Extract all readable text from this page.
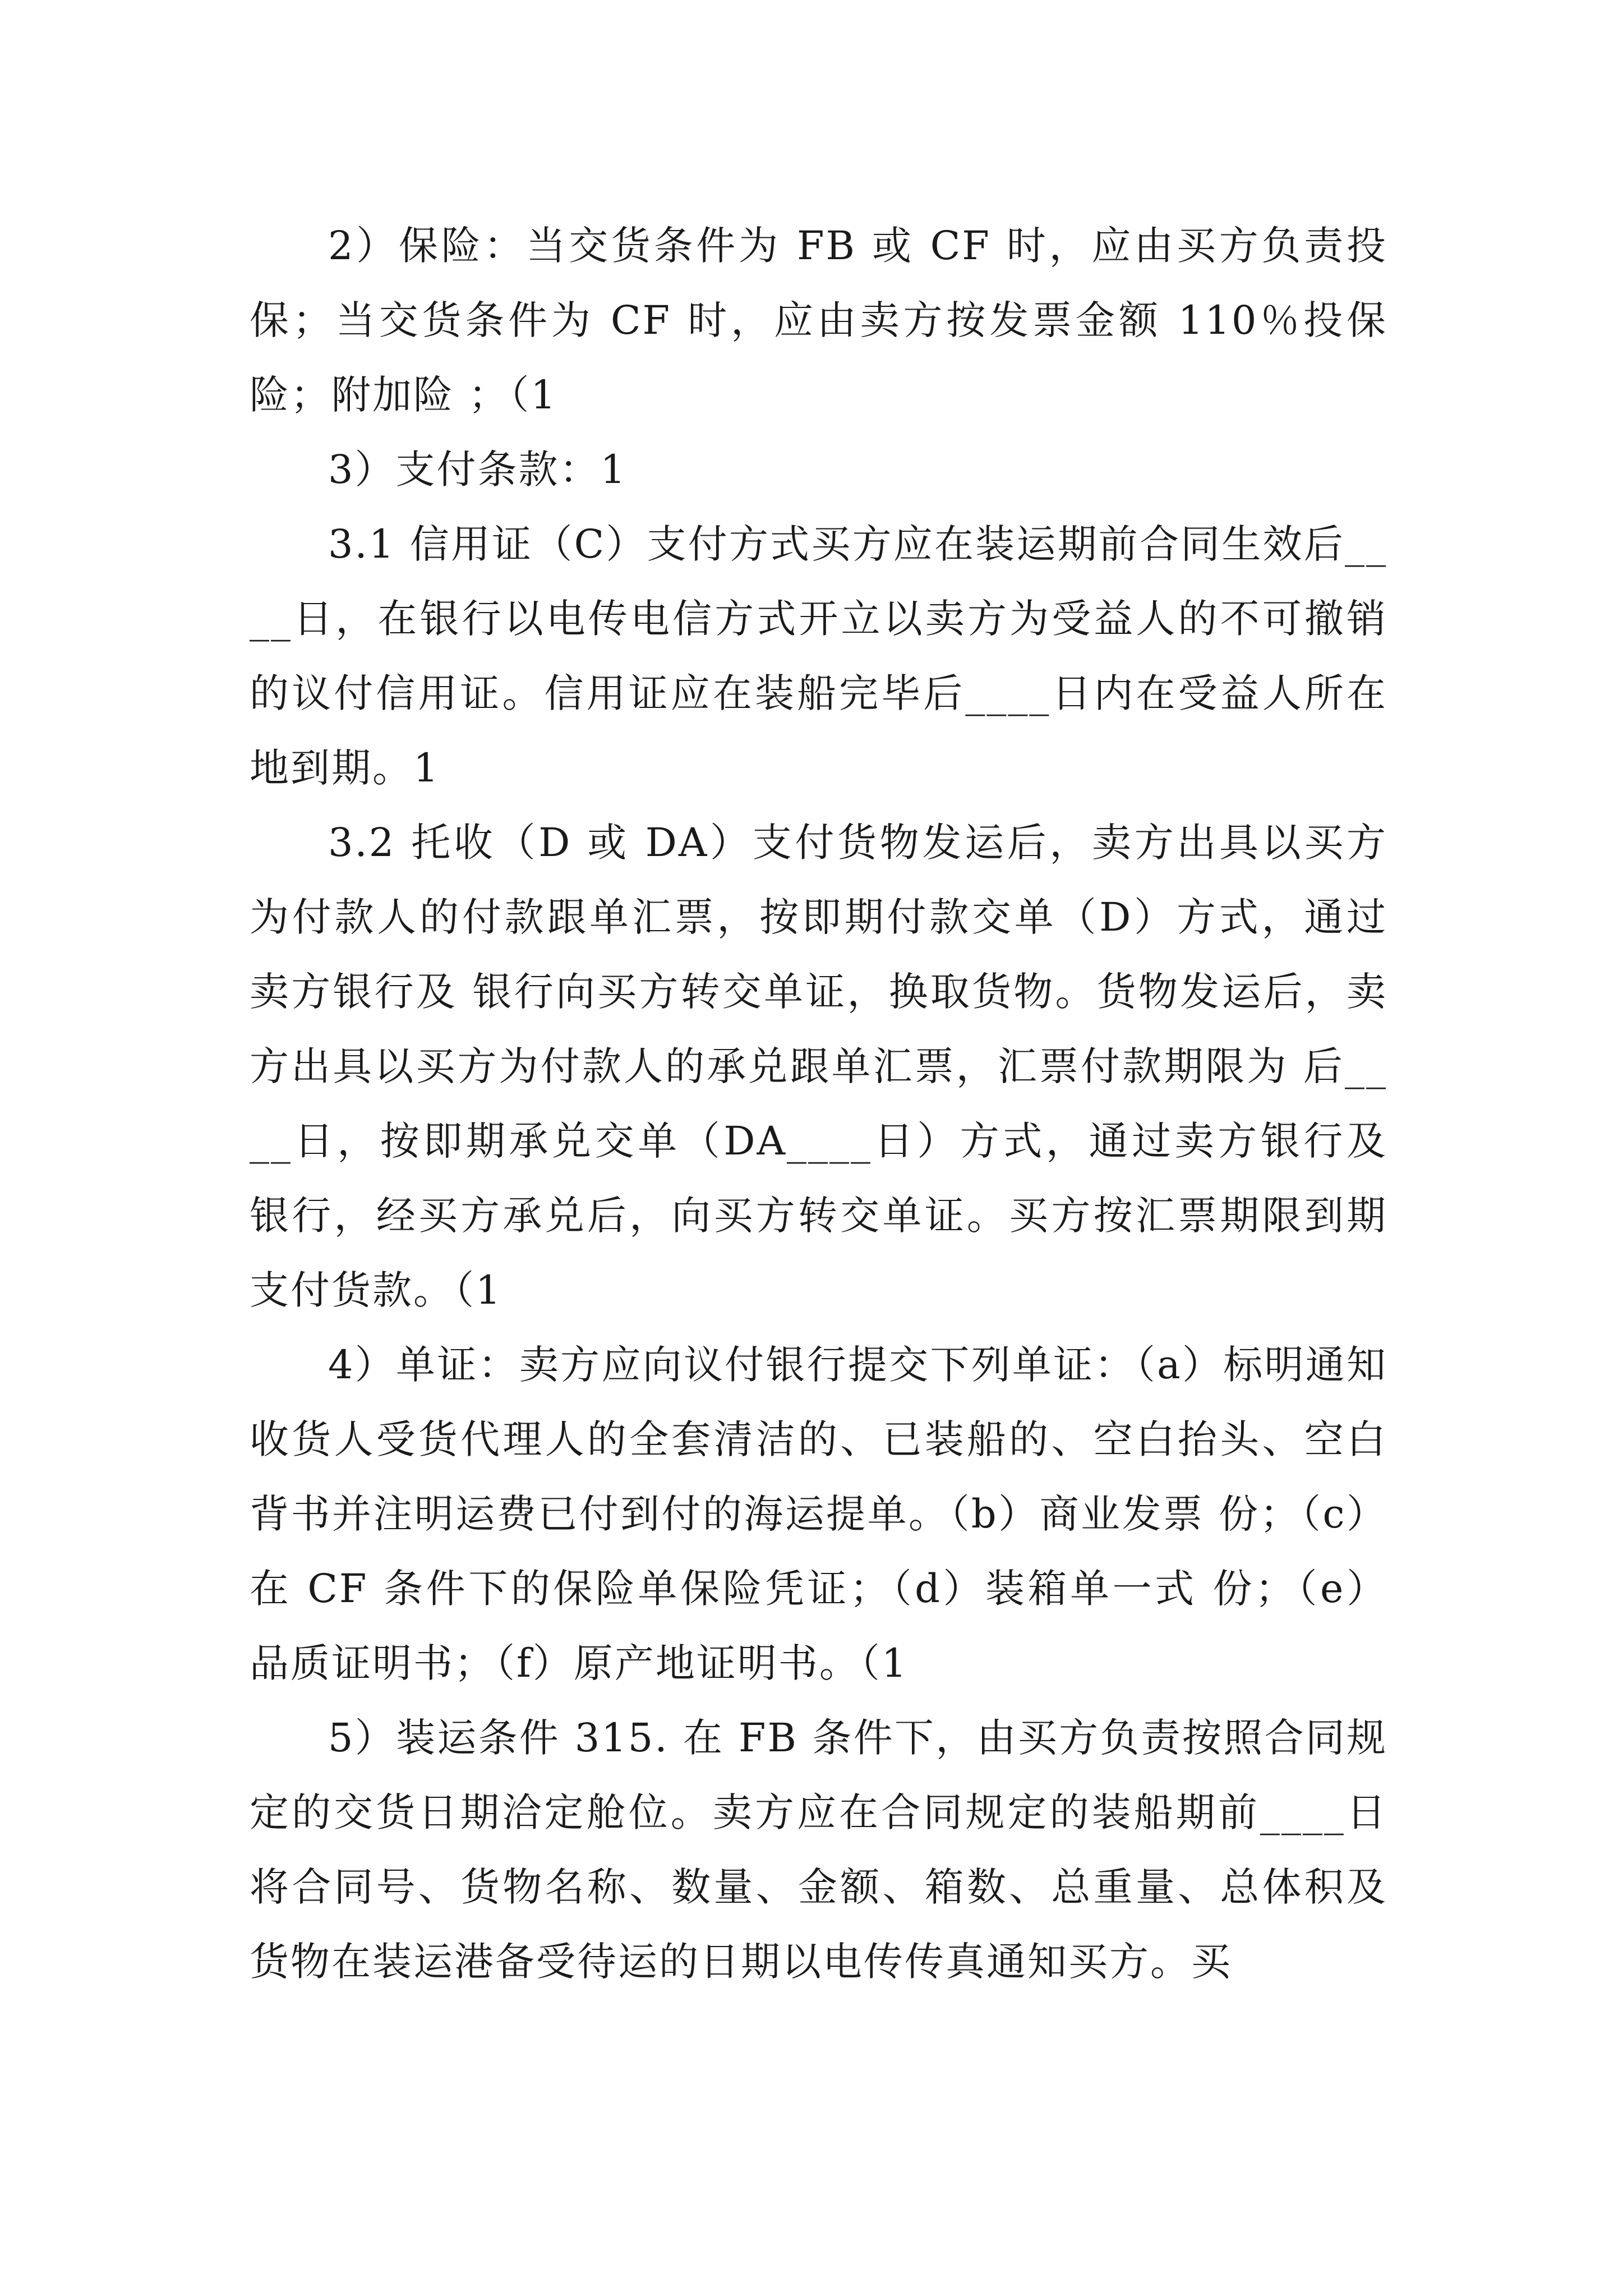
2）保险：当交货条件为 FB 或 CF 时，应由买方负责投保；当交货条件为 CF 时，应由卖方按发票金额 110％投保险；附加险 ；（1

3）支付条款：1

3.1 信用证（C）支付方式买方应在装运期前合同生效后____日，在银行以电传电信方式开立以卖方为受益人的不可撤销的议付信用证。信用证应在装船完毕后____日内在受益人所在地到期。1

3.2 托收（D 或 DA）支付货物发运后，卖方出具以买方为付款人的付款跟单汇票，按即期付款交单（D）方式，通过卖方银行及 银行向买方转交单证，换取货物。货物发运后，卖方出具以买方为付款人的承兑跟单汇票，汇票付款期限为 后____日，按即期承兑交单（DA____日）方式，通过卖方银行及 银行，经买方承兑后，向买方转交单证。买方按汇票期限到期支付货款。（1

4）单证：卖方应向议付银行提交下列单证：（a）标明通知收货人受货代理人的全套清洁的、已装船的、空白抬头、空白背书并注明运费已付到付的海运提单。（b）商业发票 份；（c）在 CF 条件下的保险单保险凭证；（d）装箱单一式 份；（e）品质证明书；（f）原产地证明书。（1

5）装运条件 315. 在 FB 条件下，由买方负责按照合同规定的交货日期洽定舱位。卖方应在合同规定的装船期前____日将合同号、货物名称、数量、金额、箱数、总重量、总体积及货物在装运港备受待运的日期以电传传真通知买方。买
